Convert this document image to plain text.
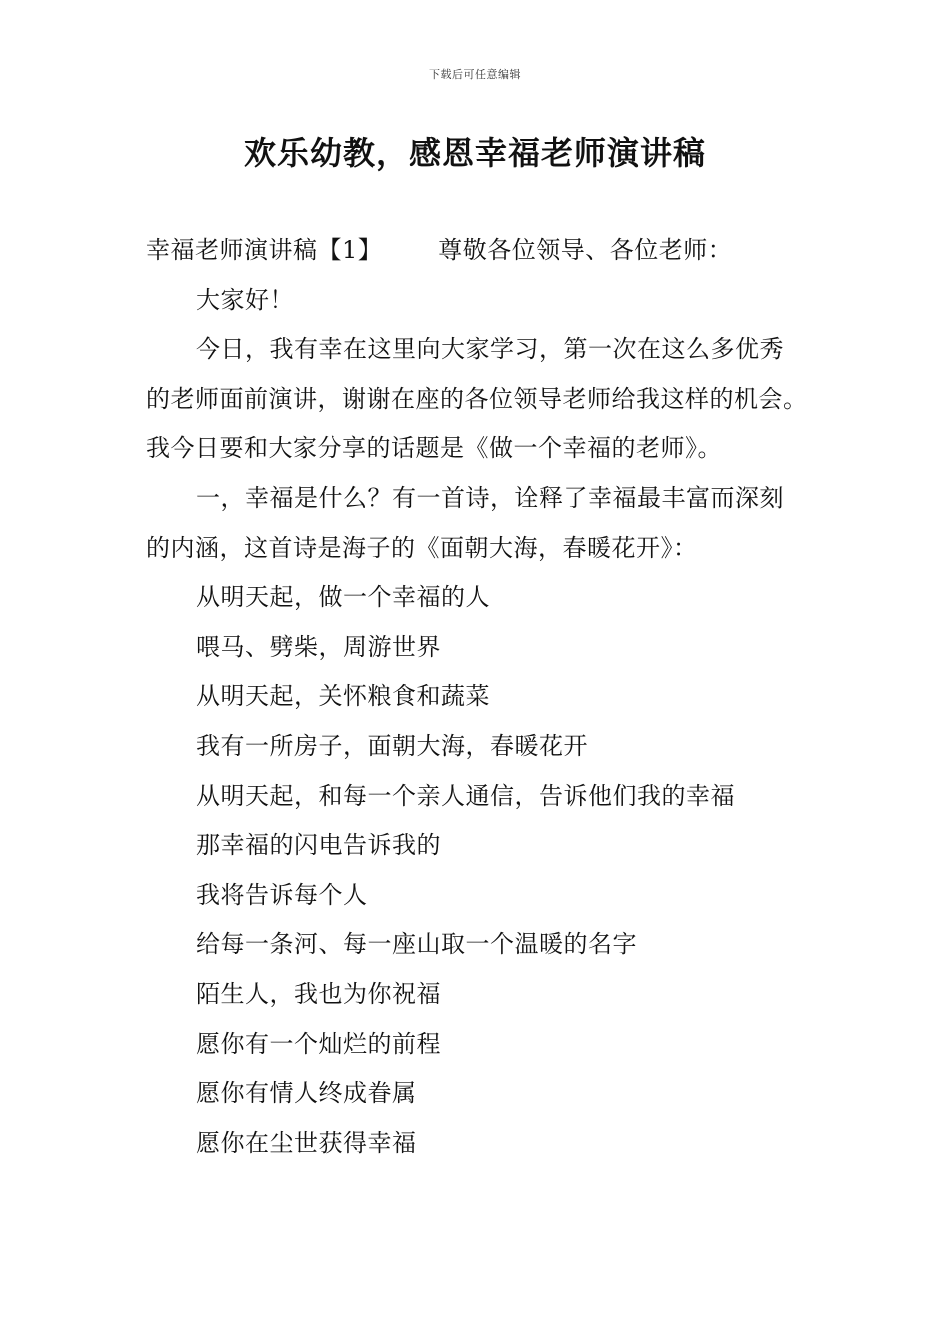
下载后可任意编辑
欢乐幼教，感恩幸福老师演讲稿

幸福老师演讲稿【1】 尊敬各位领导、各位老师：

大家好！

今日，我有幸在这里向大家学习，第一次在这么多优秀的老师面前演讲，谢谢在座的各位领导老师给我这样的机会。我今日要和大家分享的话题是《做一个幸福的老师》。

一，幸福是什么？有一首诗，诠释了幸福最丰富而深刻的内涵，这首诗是海子的《面朝大海，春暖花开》：

从明天起，做一个幸福的人

喂马、劈柴，周游世界

从明天起，关怀粮食和蔬菜

我有一所房子，面朝大海，春暖花开

从明天起，和每一个亲人通信，告诉他们我的幸福

那幸福的闪电告诉我的

我将告诉每个人

给每一条河、每一座山取一个温暖的名字

陌生人，我也为你祝福

愿你有一个灿烂的前程

愿你有情人终成眷属

愿你在尘世获得幸福
